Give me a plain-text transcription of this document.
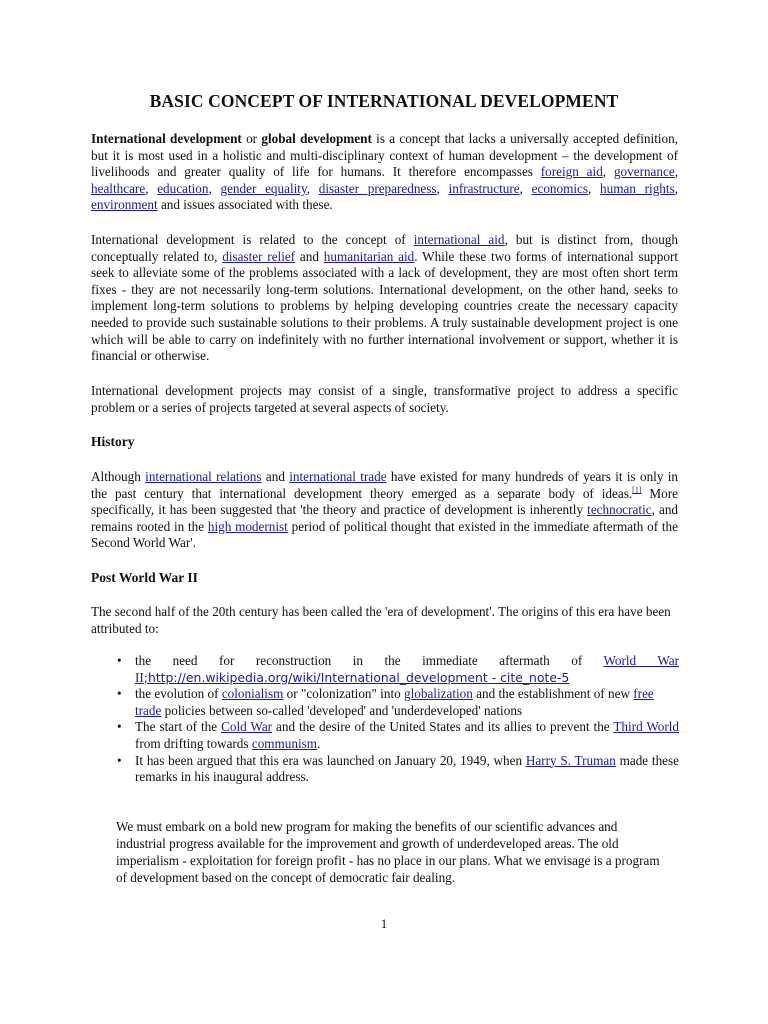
BASIC CONCEPT OF INTERNATIONAL DEVELOPMENT

International development or global development is a concept that lacks a universally accepted definition, but it is most used in a holistic and multi-disciplinary context of human development – the development of livelihoods and greater quality of life for humans. It therefore encompasses foreign aid, governance, healthcare, education, gender equality, disaster preparedness, infrastructure, economics, human rights, environment and issues associated with these.

International development is related to the concept of international aid, but is distinct from, though conceptually related to, disaster relief and humanitarian aid. While these two forms of international support seek to alleviate some of the problems associated with a lack of development, they are most often short term fixes - they are not necessarily long-term solutions. International development, on the other hand, seeks to implement long-term solutions to problems by helping developing countries create the necessary capacity needed to provide such sustainable solutions to their problems. A truly sustainable development project is one which will be able to carry on indefinitely with no further international involvement or support, whether it is financial or otherwise.

International development projects may consist of a single, transformative project to address a specific problem or a series of projects targeted at several aspects of society.

History

Although international relations and international trade have existed for many hundreds of years it is only in the past century that international development theory emerged as a separate body of ideas.[1] More specifically, it has been suggested that 'the theory and practice of development is inherently technocratic, and remains rooted in the high modernist period of political thought that existed in the immediate aftermath of the Second World War'.

Post World War II

The second half of the 20th century has been called the 'era of development'. The origins of this era have been attributed to:

• the need for reconstruction in the immediate aftermath of World War II;http://en.wikipedia.org/wiki/International_development - cite_note-5
• the evolution of colonialism or "colonization" into globalization and the establishment of new free trade policies between so-called 'developed' and 'underdeveloped' nations
• The start of the Cold War and the desire of the United States and its allies to prevent the Third World from drifting towards communism.
• It has been argued that this era was launched on January 20, 1949, when Harry S. Truman made these remarks in his inaugural address.

We must embark on a bold new program for making the benefits of our scientific advances and industrial progress available for the improvement and growth of underdeveloped areas. The old imperialism - exploitation for foreign profit - has no place in our plans. What we envisage is a program of development based on the concept of democratic fair dealing.

1
